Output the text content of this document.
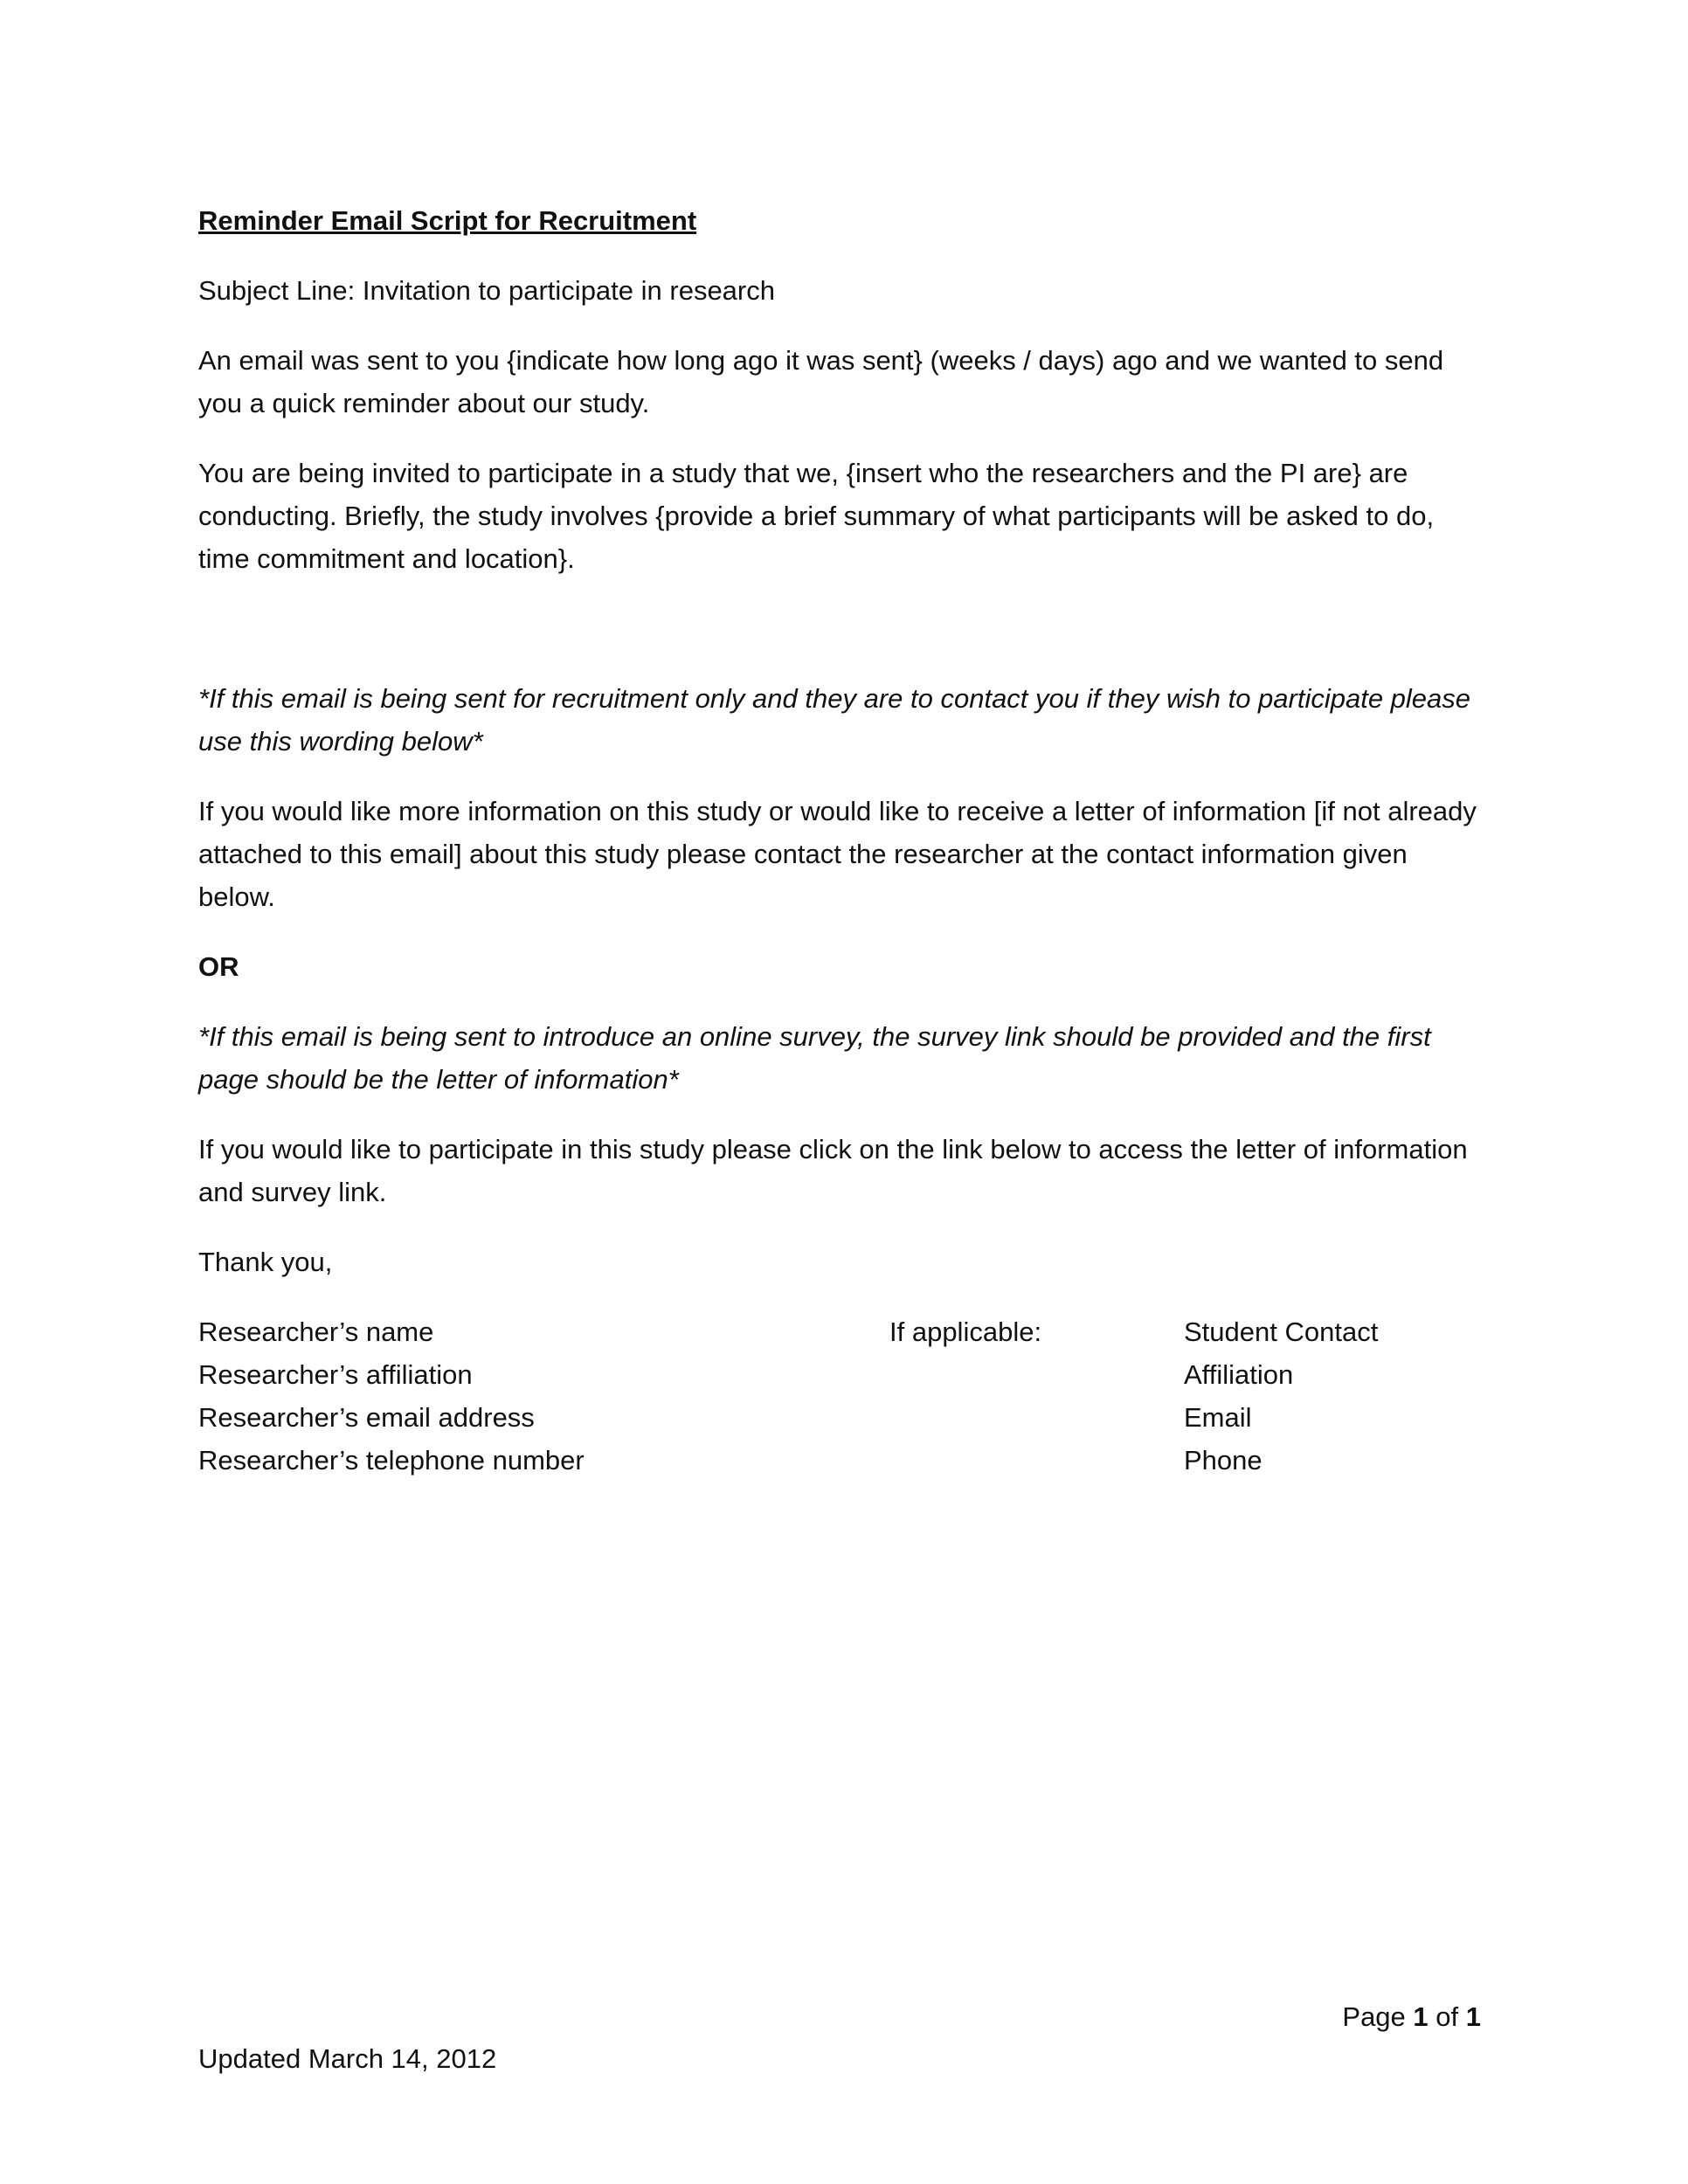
Reminder Email Script for Recruitment
Subject Line: Invitation to participate in research
An email was sent to you {indicate how long ago it was sent} (weeks / days) ago and we wanted to send you a quick reminder about our study.
You are being invited to participate in a study that we, {insert who the researchers and the PI are} are conducting. Briefly, the study involves {provide a brief summary of what participants will be asked to do, time commitment and location}.
*If this email is being sent for recruitment only and they are to contact you if they wish to participate please use this wording below*
If you would like more information on this study or would like to receive a letter of information [if not already attached to this email] about this study please contact the researcher at the contact information given below.
OR
*If this email is being sent to introduce an online survey, the survey link should be provided and the first page should be the letter of information*
If you would like to participate in this study please click on the link below to access the letter of information and survey link.
Thank you,
Researcher’s name
Researcher’s affiliation
Researcher’s email address
Researcher’s telephone number
If applicable:	Student Contact
Affiliation
Email
Phone
Page 1 of 1
Updated March 14, 2012
